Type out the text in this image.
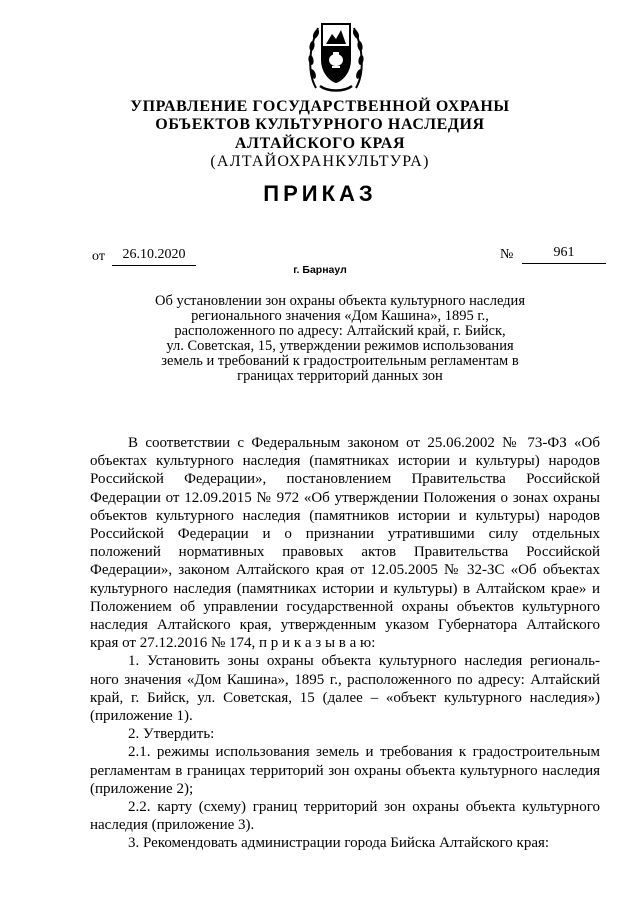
УПРАВЛЕНИЕ ГОСУДАРСТВЕННОЙ ОХРАНЫ
ОБЪЕКТОВ КУЛЬТУРНОГО НАСЛЕДИЯ
АЛТАЙСКОГО КРАЯ
(АЛТАЙОХРАНКУЛЬТУРА)
ПРИКАЗ
от	26.10.2020	№	961
г. Барнаул
Об установлении зон охраны объекта культурного наследия
регионального значения «Дом Кашина», 1895 г.,
расположенного по адресу: Алтайский край, г. Бийск,
ул. Советская, 15, утверждении режимов использования
земель и требований к градостроительным регламентам в
границах территорий данных зон

В соответствии с Федеральным законом от 25.06.2002 № 73-ФЗ «Об объектах культурного наследия (памятниках истории и культуры) народов Российской Федерации», постановлением Правительства Российской Федерации от 12.09.2015 № 972 «Об утверждении Положения о зонах охраны объектов культурного наследия (памятников истории и культуры) народов Российской Федерации и о признании утратившими силу отдельных положений нормативных правовых актов Правительства Российской Федерации», законом Алтайского края от 12.05.2005 № 32-ЗС «Об объектах культурного наследия (памятниках истории и культуры) в Алтайском крае» и Положением об управлении государственной охраны объектов культурного наследия Алтайского края, утвержденным указом Губернатора Алтайского края от 27.12.2016 № 174, п р и к а з ы в а ю:

1. Установить зоны охраны объекта культурного наследия региональ-ного значения «Дом Кашина», 1895 г., расположенного по адресу: Алтайский край, г. Бийск, ул. Советская, 15 (далее – «объект культурного наследия») (приложение 1).

2. Утвердить:

2.1. режимы использования земель и требования к градостроительным регламентам в границах территорий зон охраны объекта культурного наследия (приложение 2);

2.2. карту (схему) границ территорий зон охраны объекта культурного наследия (приложение 3).

3. Рекомендовать администрации города Бийска Алтайского края:
